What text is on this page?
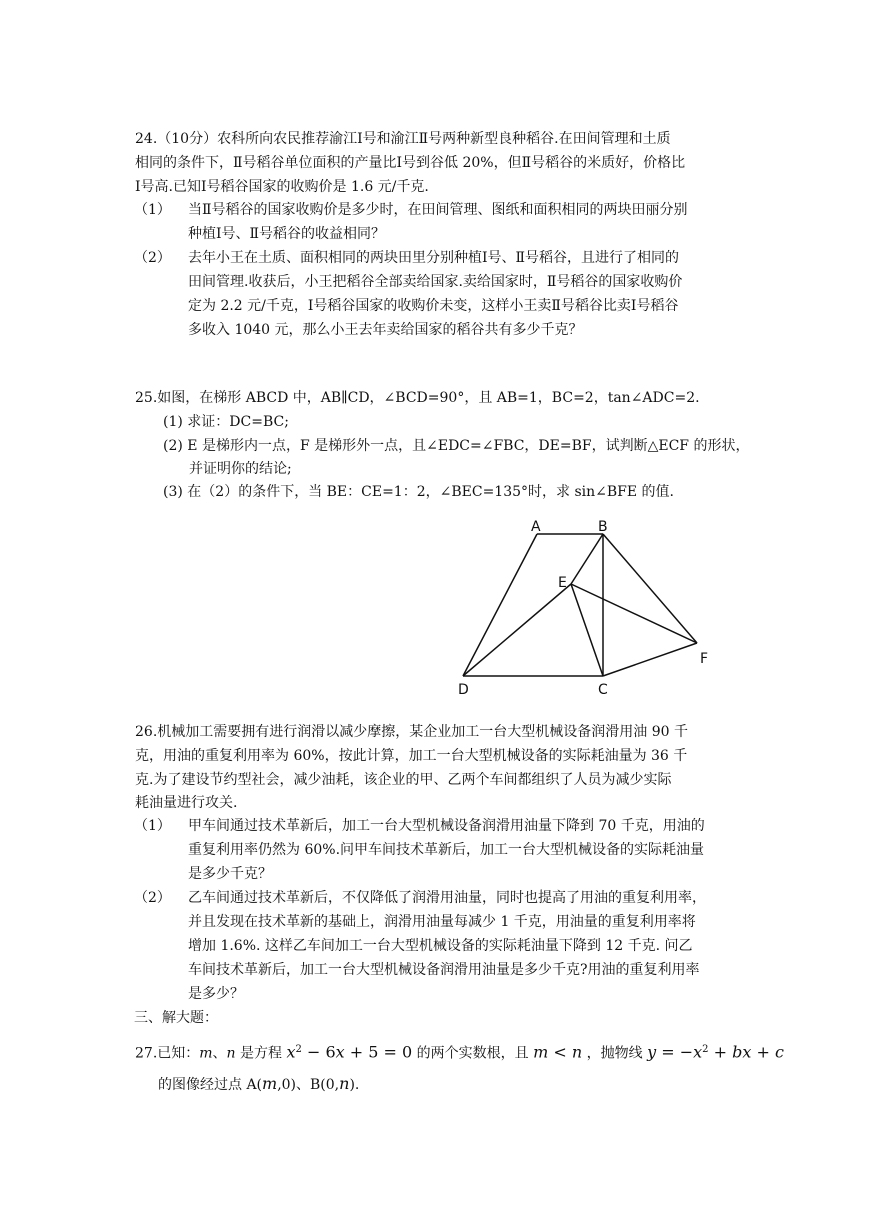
24.（10分）农科所向农民推荐渝江Ⅰ号和渝江Ⅱ号两种新型良种稻谷.在田间管理和土质
相同的条件下，Ⅱ号稻谷单位面积的产量比Ⅰ号到谷低 20%，但Ⅱ号稻谷的米质好，价格比
Ⅰ号高.已知Ⅰ号稻谷国家的收购价是 1.6 元/千克.
（1） 当Ⅱ号稻谷的国家收购价是多少时，在田间管理、图纸和面积相同的两块田丽分别
种植Ⅰ号、Ⅱ号稻谷的收益相同？
（2） 去年小王在土质、面积相同的两块田里分别种植Ⅰ号、Ⅱ号稻谷，且进行了相同的
田间管理.收获后，小王把稻谷全部卖给国家.卖给国家时，Ⅱ号稻谷的国家收购价
定为 2.2 元/千克，Ⅰ号稻谷国家的收购价未变，这样小王卖Ⅱ号稻谷比卖Ⅰ号稻谷
多收入 1040 元，那么小王去年卖给国家的稻谷共有多少千克？
25.如图，在梯形 ABCD 中，AB∥CD，∠BCD=90°，且 AB=1，BC=2，tan∠ADC=2.
(1) 求证：DC=BC;
(2) E 是梯形内一点，F 是梯形外一点，且∠EDC=∠FBC，DE=BF，试判断△ECF 的形状，
并证明你的结论;
(3) 在（2）的条件下，当 BE：CE=1：2，∠BEC=135°时，求 sin∠BFE 的值.
A	B
E
F
D	C
26.机械加工需要拥有进行润滑以减少摩擦，某企业加工一台大型机械设备润滑用油 90 千
克，用油的重复利用率为 60%，按此计算，加工一台大型机械设备的实际耗油量为 36 千
克.为了建设节约型社会，减少油耗，该企业的甲、乙两个车间都组织了人员为减少实际
耗油量进行攻关.
（1） 甲车间通过技术革新后，加工一台大型机械设备润滑用油量下降到 70 千克，用油的
重复利用率仍然为 60%.问甲车间技术革新后，加工一台大型机械设备的实际耗油量
是多少千克？
（2） 乙车间通过技术革新后，不仅降低了润滑用油量，同时也提高了用油的重复利用率，
并且发现在技术革新的基础上，润滑用油量每减少 1 千克，用油量的重复利用率将
增加 1.6%. 这样乙车间加工一台大型机械设备的实际耗油量下降到 12 千克. 问乙
车间技术革新后，加工一台大型机械设备润滑用油量是多少千克?用油的重复利用率
是多少？
三、解大题：
27.已知：m、n 是方程 $x^2 - 6x + 5 = 0$ 的两个实数根，且 m < n ，抛物线 $y = -x^2$ + bx + c
的图像经过点 A(m,0)、B(0,n).
